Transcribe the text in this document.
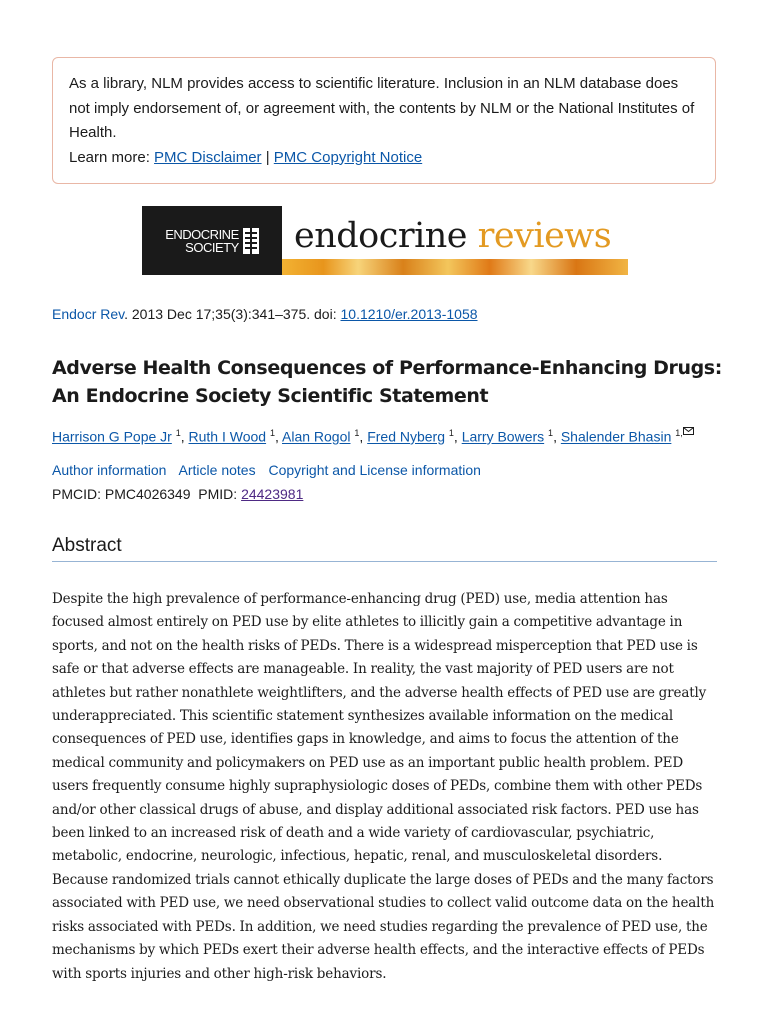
As a library, NLM provides access to scientific literature. Inclusion in an NLM database does not imply endorsement of, or agreement with, the contents by NLM or the National Institutes of Health.

Learn more: PMC Disclaimer | PMC Copyright Notice

ENDOCRINE
SOCIETY endocrine reviews
Endocr Rev. 2013 Dec 17;35(3):341–375. doi: 10.1210/er.2013-1058
Adverse Health Consequences of Performance-Enhancing Drugs: An Endocrine Society Scientific Statement
Harrison G Pope Jr $^1$, Ruth I Wood $^1$, Alan Rogol $^1$, Fred Nyberg $^1$, Larry Bowers $^1$, Shalender Bhasin $^{1,}$
Author information Article notes Copyright and License information
PMCID: PMC4026349 PMID: 24423981
Abstract

Despite the high prevalence of performance-enhancing drug (PED) use, media attention has focused almost entirely on PED use by elite athletes to illicitly gain a competitive advantage in sports, and not on the health risks of PEDs. There is a widespread misperception that PED use is safe or that adverse effects are manageable. In reality, the vast majority of PED users are not athletes but rather nonathlete weightlifters, and the adverse health effects of PED use are greatly underappreciated. This scientific statement synthesizes available information on the medical consequences of PED use, identifies gaps in knowledge, and aims to focus the attention of the medical community and policymakers on PED use as an important public health problem. PED users frequently consume highly supraphysiologic doses of PEDs, combine them with other PEDs and/or other classical drugs of abuse, and display additional associated risk factors. PED use has been linked to an increased risk of death and a wide variety of cardiovascular, psychiatric, metabolic, endocrine, neurologic, infectious, hepatic, renal, and musculoskeletal disorders. Because randomized trials cannot ethically duplicate the large doses of PEDs and the many factors associated with PED use, we need observational studies to collect valid outcome data on the health risks associated with PEDs. In addition, we need studies regarding the prevalence of PED use, the mechanisms by which PEDs exert their adverse health effects, and the interactive effects of PEDs with sports injuries and other high-risk behaviors.
